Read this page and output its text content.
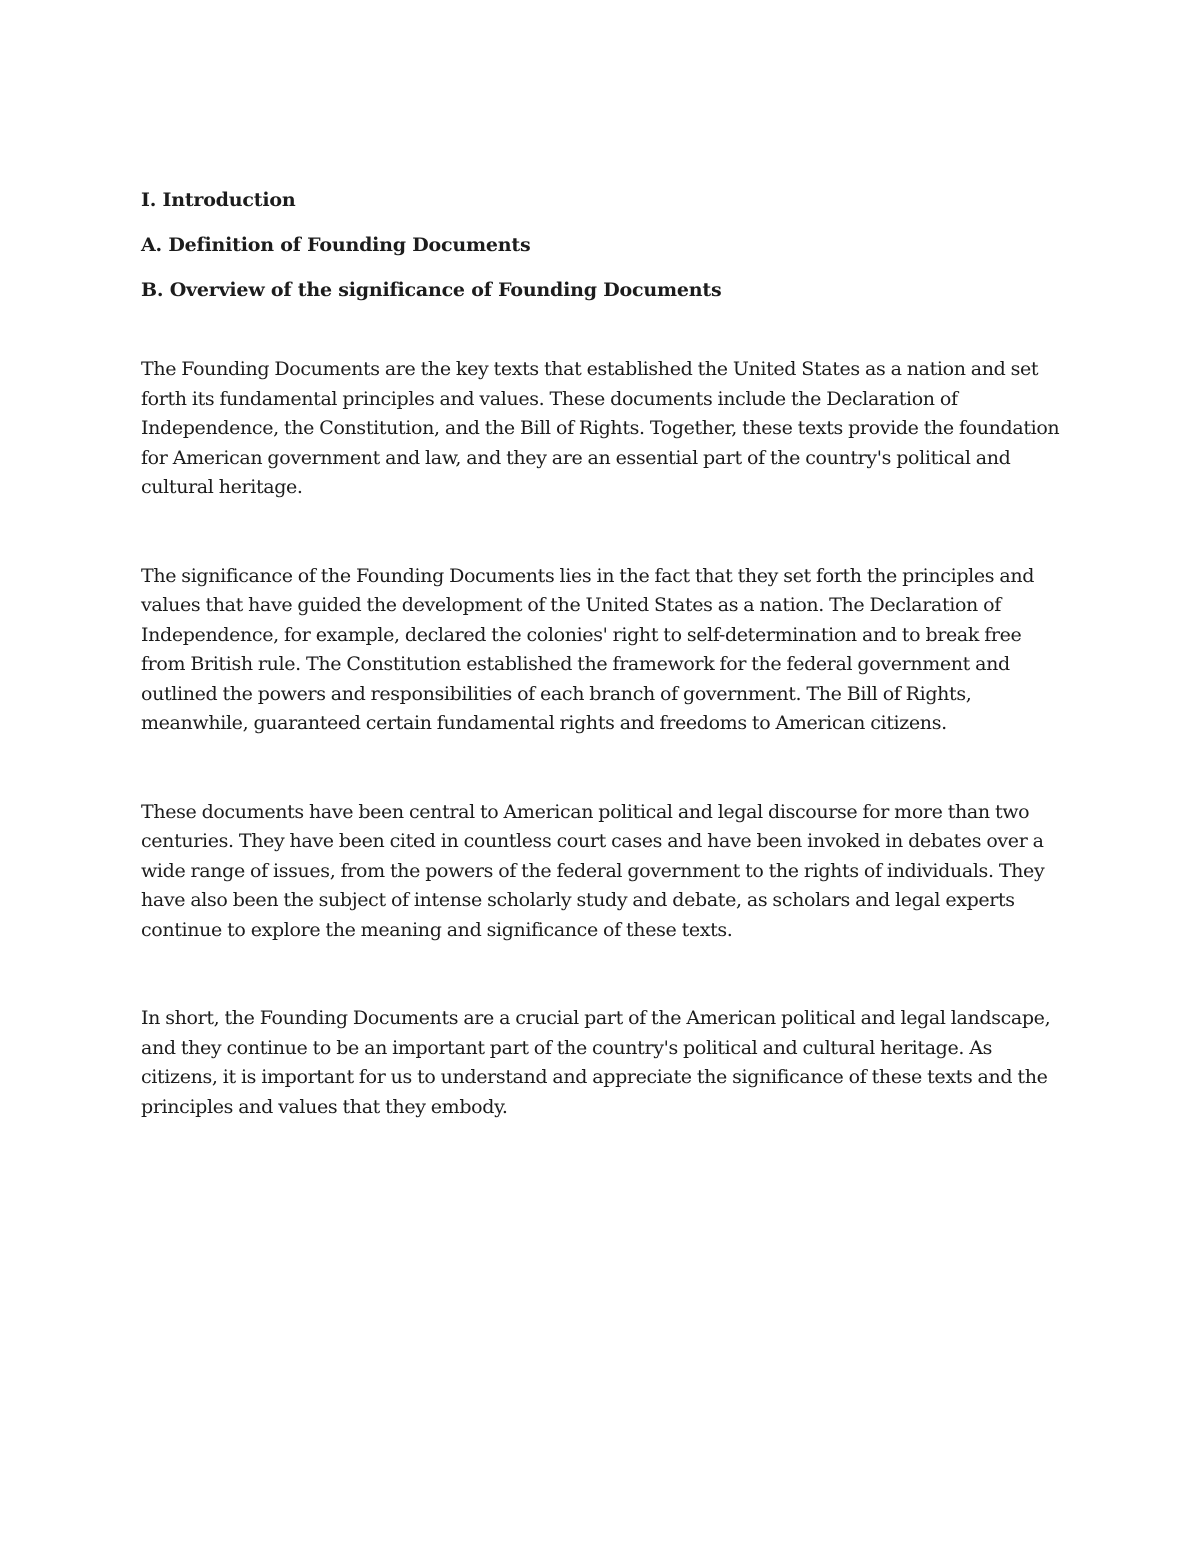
I. Introduction

A. Definition of Founding Documents

B. Overview of the significance of Founding Documents

The Founding Documents are the key texts that established the United States as a nation and set forth its fundamental principles and values. These documents include the Declaration of Independence, the Constitution, and the Bill of Rights. Together, these texts provide the foundation for American government and law, and they are an essential part of the country's political and cultural heritage.

The significance of the Founding Documents lies in the fact that they set forth the principles and values that have guided the development of the United States as a nation. The Declaration of Independence, for example, declared the colonies' right to self-determination and to break free from British rule. The Constitution established the framework for the federal government and outlined the powers and responsibilities of each branch of government. The Bill of Rights, meanwhile, guaranteed certain fundamental rights and freedoms to American citizens.

These documents have been central to American political and legal discourse for more than two centuries. They have been cited in countless court cases and have been invoked in debates over a wide range of issues, from the powers of the federal government to the rights of individuals. They have also been the subject of intense scholarly study and debate, as scholars and legal experts continue to explore the meaning and significance of these texts.

In short, the Founding Documents are a crucial part of the American political and legal landscape, and they continue to be an important part of the country's political and cultural heritage. As citizens, it is important for us to understand and appreciate the significance of these texts and the principles and values that they embody.
